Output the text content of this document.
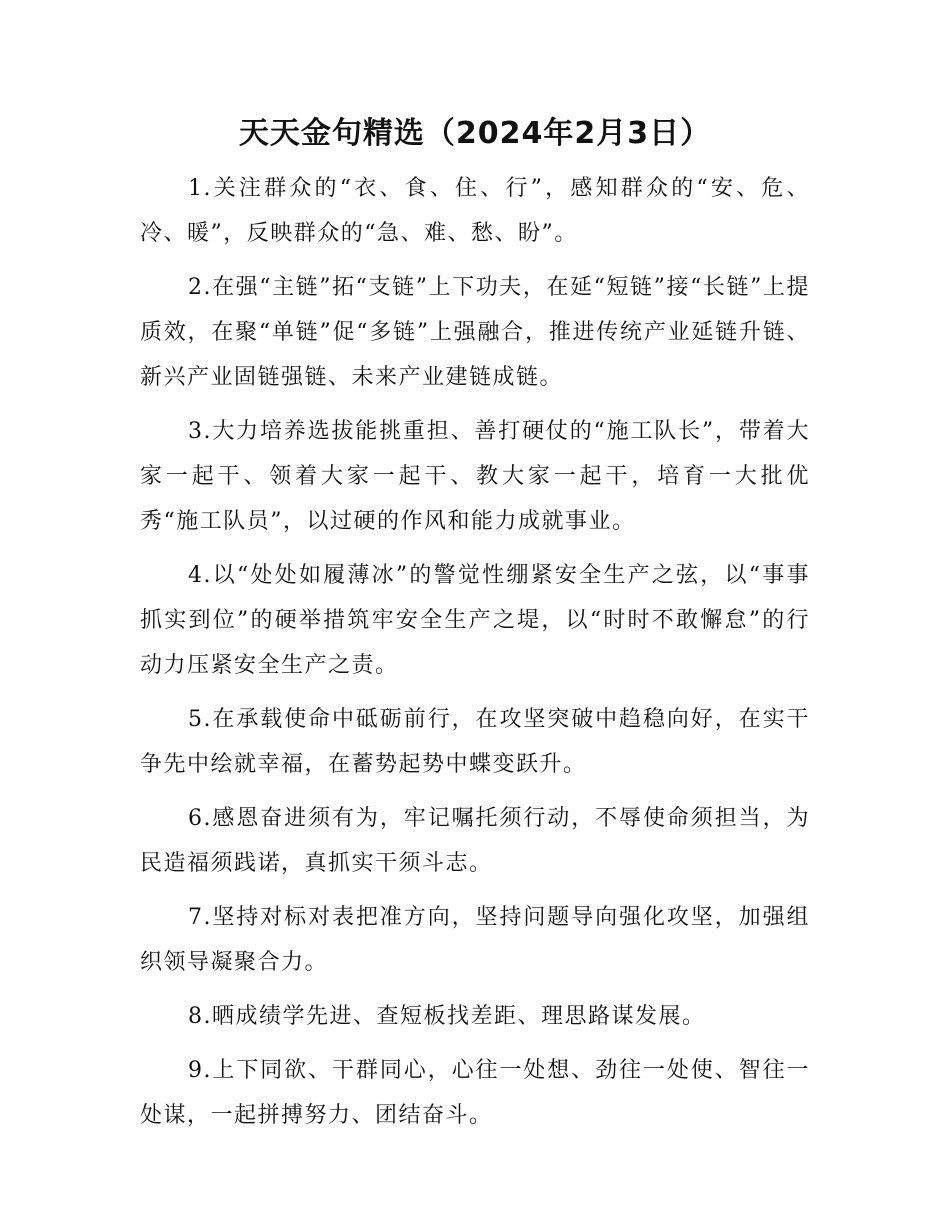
天天金句精选（2024年2月3日）

1.关注群众的“衣、食、住、行”，感知群众的“安、危、冷、暖”，反映群众的“急、难、愁、盼”。

2.在强“主链”拓“支链”上下功夫，在延“短链”接“长链”上提质效，在聚“单链”促“多链”上强融合，推进传统产业延链升链、新兴产业固链强链、未来产业建链成链。

3.大力培养选拔能挑重担、善打硬仗的“施工队长”，带着大家一起干、领着大家一起干、教大家一起干，培育一大批优秀“施工队员”，以过硬的作风和能力成就事业。

4.以“处处如履薄冰”的警觉性绷紧安全生产之弦，以“事事抓实到位”的硬举措筑牢安全生产之堤，以“时时不敢懈怠”的行动力压紧安全生产之责。

5.在承载使命中砥砺前行，在攻坚突破中趋稳向好，在实干争先中绘就幸福，在蓄势起势中蝶变跃升。

6.感恩奋进须有为，牢记嘱托须行动，不辱使命须担当，为民造福须践诺，真抓实干须斗志。

7.坚持对标对表把准方向，坚持问题导向强化攻坚，加强组织领导凝聚合力。

8.晒成绩学先进、查短板找差距、理思路谋发展。

9.上下同欲、干群同心，心往一处想、劲往一处使、智往一处谋，一起拼搏努力、团结奋斗。
